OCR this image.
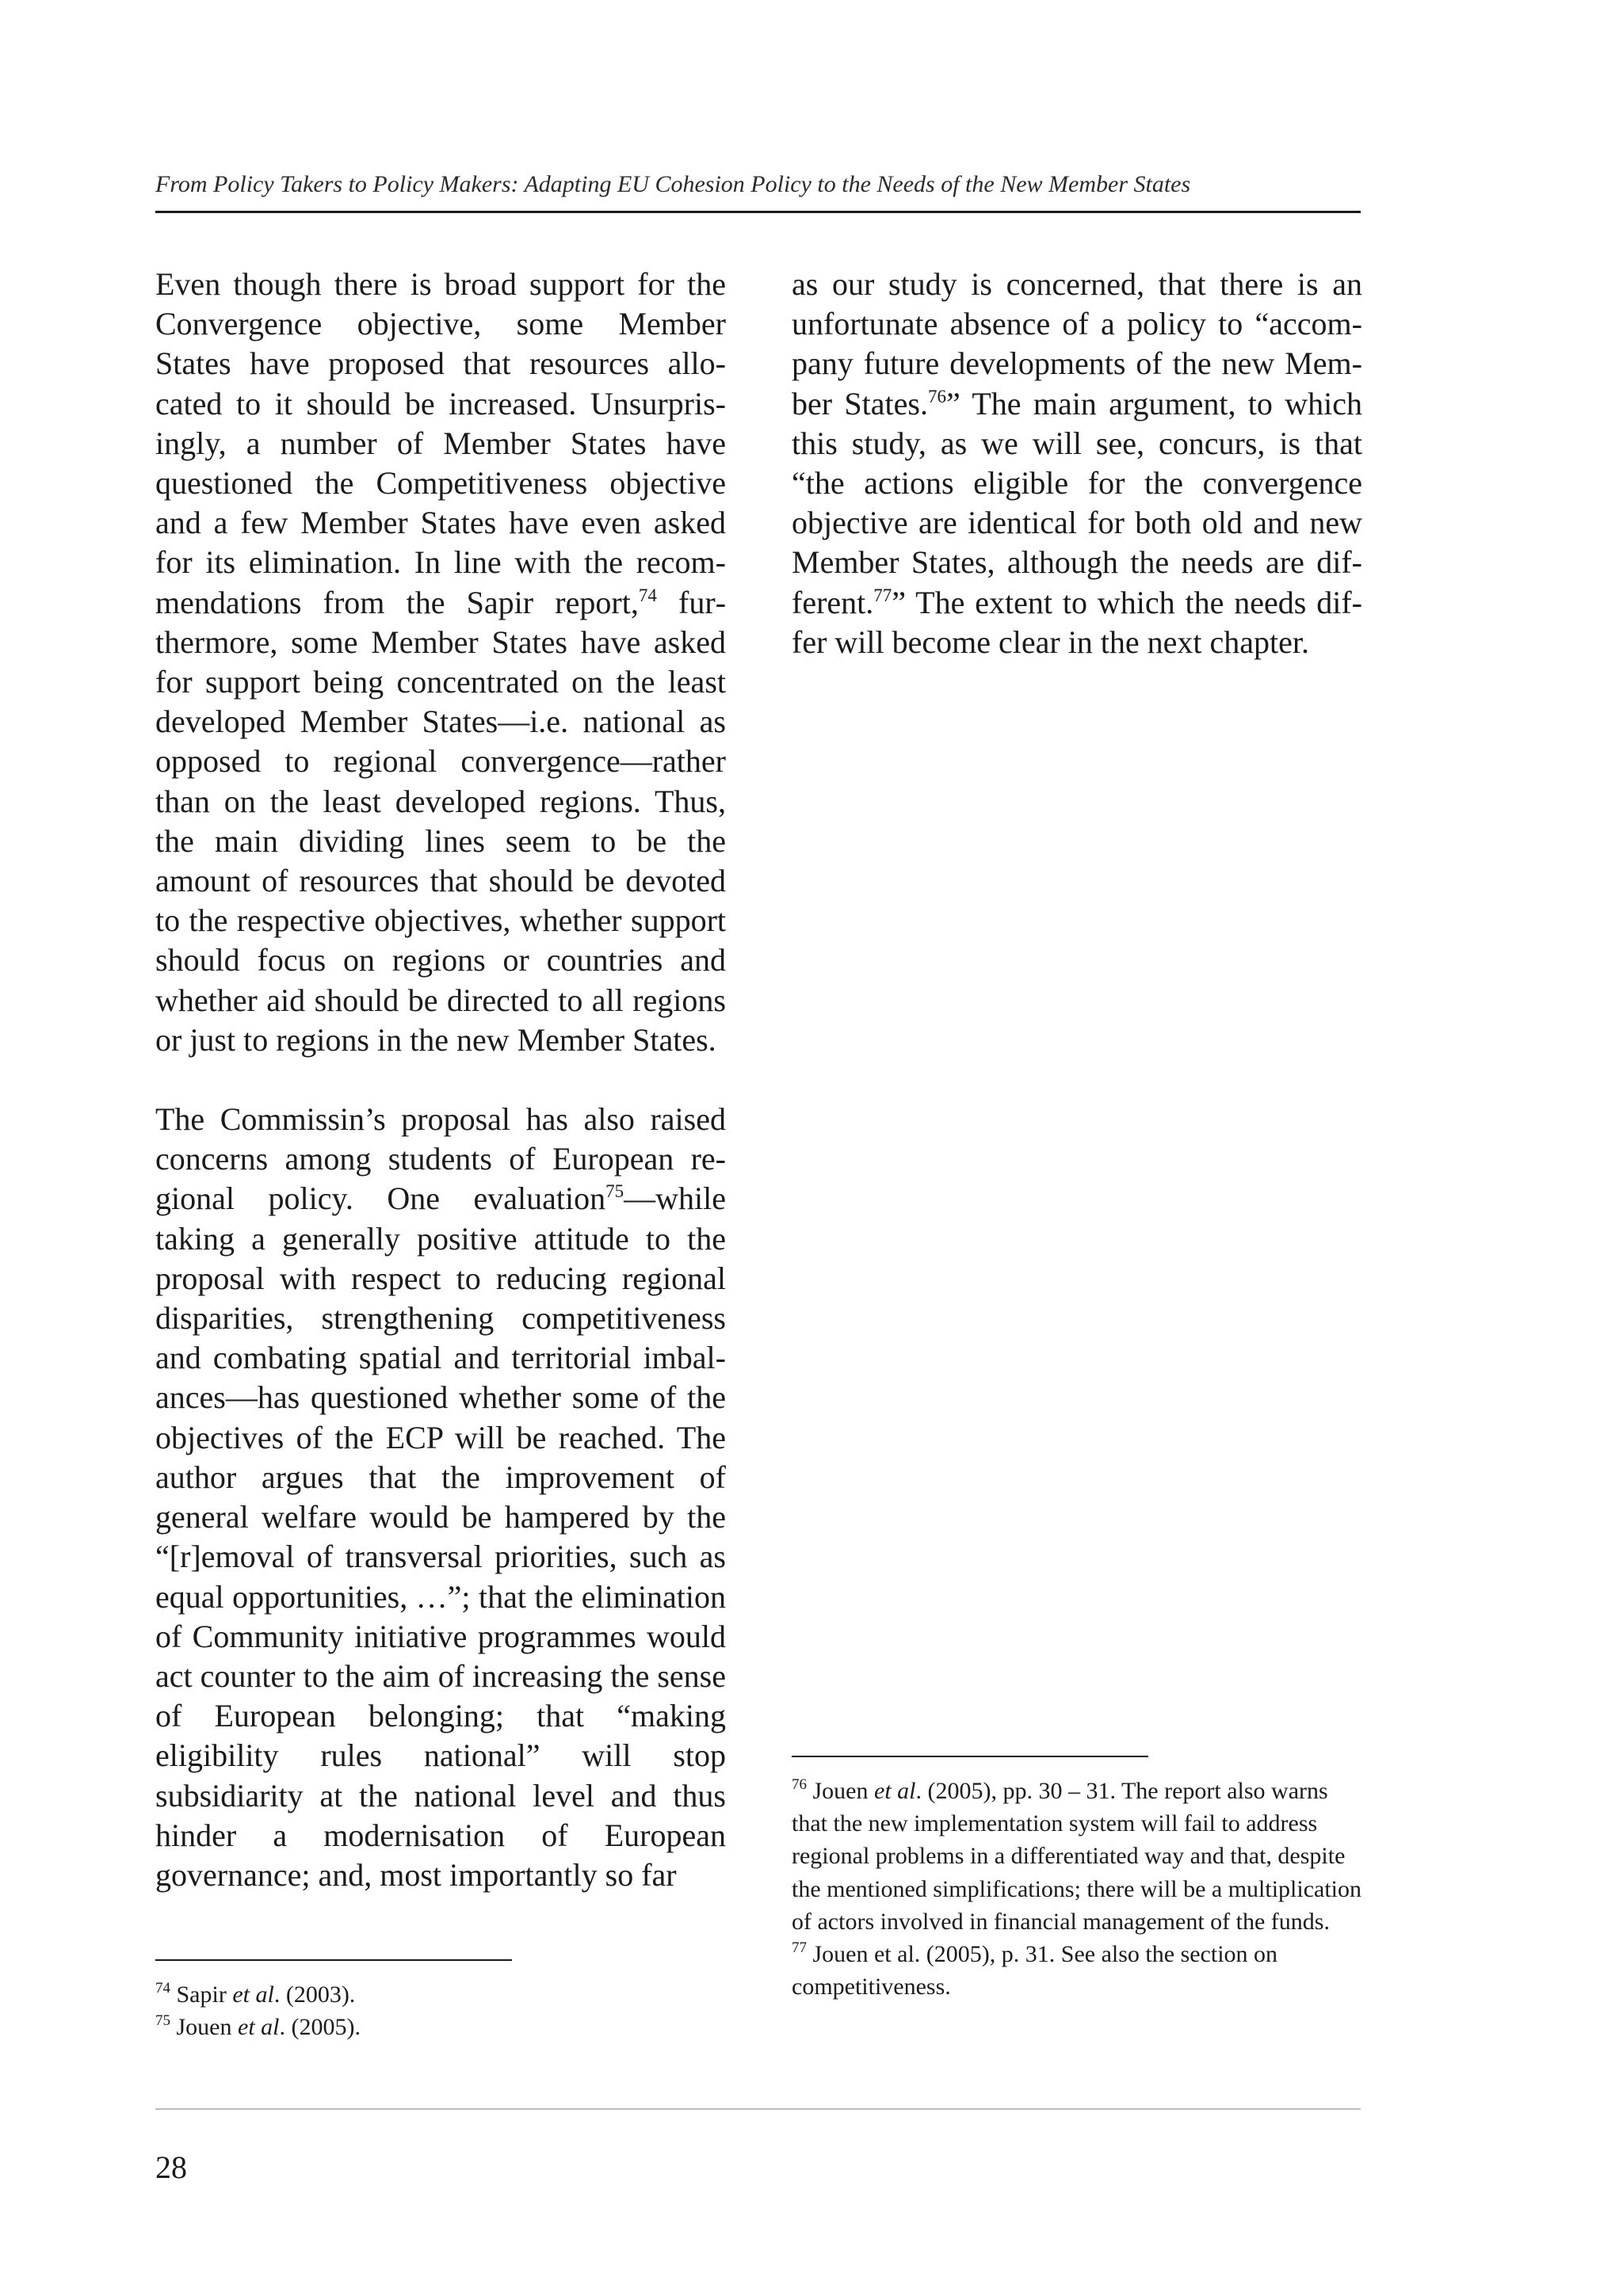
From Policy Takers to Policy Makers: Adapting EU Cohesion Policy to the Needs of the New Member States

Even though there is broad support for the Convergence objective, some Member States have proposed that resources allocated to it should be increased. Unsurprisingly, a number of Member States have questioned the Competitiveness objective and a few Member States have even asked for its elimination. In line with the recommendations from the Sapir report,$^{74}$ furthermore, some Member States have asked for support being concentrated on the least developed Member States—i.e. national as opposed to regional convergence—rather than on the least developed regions. Thus, the main dividing lines seem to be the amount of resources that should be devoted to the respective objectives, whether support should focus on regions or countries and whether aid should be directed to all regions or just to regions in the new Member States.

The Commissin’s proposal has also raised concerns among students of European regional policy. One evaluation$^{75}$—while taking a generally positive attitude to the proposal with respect to reducing regional disparities, strengthening competitiveness and combating spatial and territorial imbalances—has questioned whether some of the objectives of the ECP will be reached. The author argues that the improvement of general welfare would be hampered by the “[r]emoval of transversal priorities, such as equal opportunities, …”; that the elimination of Community initiative programmes would act counter to the aim of increasing the sense of European belonging; that “making eligibility rules national” will stop subsidiarity at the national level and thus hinder a modernisation of European governance; and, most importantly so far

as our study is concerned, that there is an unfortunate absence of a policy to “accompany future developments of the new Member States.$^{76}$” The main argument, to which this study, as we will see, concurs, is that “the actions eligible for the convergence objective are identical for both old and new Member States, although the needs are different.$^{77}$” The extent to which the needs differ will become clear in the next chapter.

$^{74}$ Sapir et al. (2003).

$^{75}$ Jouen et al. (2005).

$^{76}$ Jouen et al. (2005), pp. 30 – 31. The report also warns that the new implementation system will fail to address regional problems in a differentiated way and that, despite the mentioned simplifications; there will be a multiplication of actors involved in financial management of the funds.

$^{77}$ Jouen et al. (2005), p. 31. See also the section on competitiveness.

28
